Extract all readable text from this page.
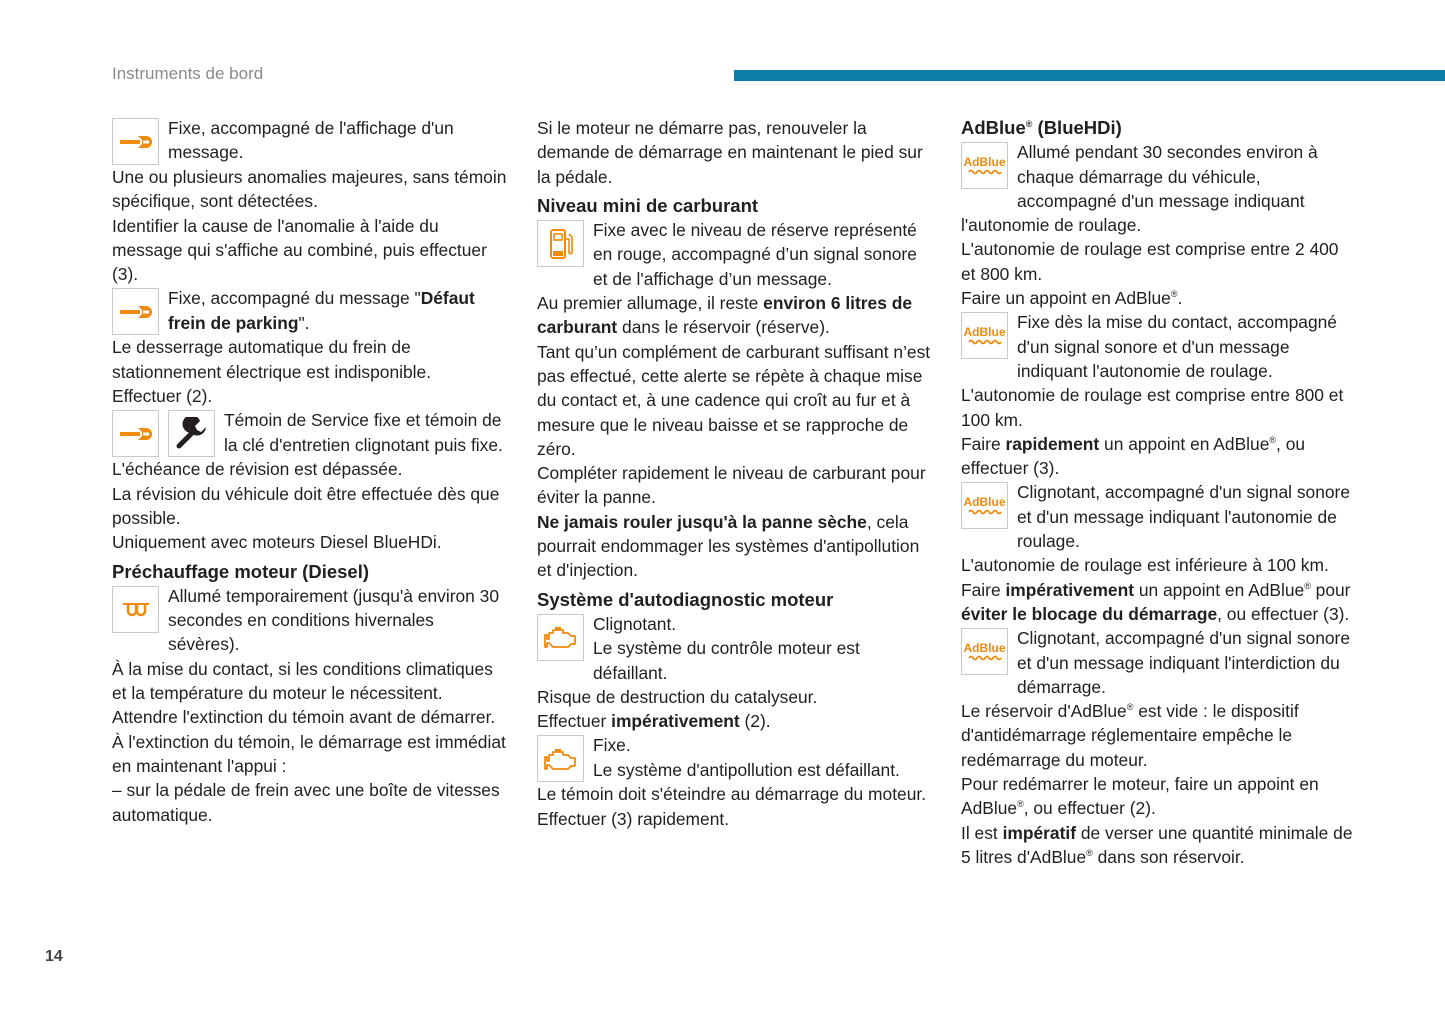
Instruments de bord

Fixe, accompagné de l'affichage d'un message.

Une ou plusieurs anomalies majeures, sans témoin spécifique, sont détectées.

Identifier la cause de l'anomalie à l'aide du message qui s'affiche au combiné, puis effectuer (3).

Fixe, accompagné du message "Défaut frein de parking".

Le desserrage automatique du frein de stationnement électrique est indisponible.

Effectuer (2).

Témoin de Service fixe et témoin de la clé d'entretien clignotant puis fixe.

L'échéance de révision est dépassée.

La révision du véhicule doit être effectuée dès que possible.

Uniquement avec moteurs Diesel BlueHDi.

Préchauffage moteur (Diesel)

Allumé temporairement (jusqu'à environ 30 secondes en conditions hivernales sévères).

À la mise du contact, si les conditions climatiques et la température du moteur le nécessitent.

Attendre l'extinction du témoin avant de démarrer.

À l'extinction du témoin, le démarrage est immédiat en maintenant l'appui :

– sur la pédale de frein avec une boîte de vitesses automatique.

Si le moteur ne démarre pas, renouveler la demande de démarrage en maintenant le pied sur la pédale.

Niveau mini de carburant

Fixe avec le niveau de réserve représenté en rouge, accompagné d’un signal sonore et de l'affichage d’un message.

Au premier allumage, il reste environ 6 litres de carburant dans le réservoir (réserve).

Tant qu’un complément de carburant suffisant n’est pas effectué, cette alerte se répète à chaque mise du contact et, à une cadence qui croît au fur et à mesure que le niveau baisse et se rapproche de zéro.

Compléter rapidement le niveau de carburant pour éviter la panne.

Ne jamais rouler jusqu'à la panne sèche, cela pourrait endommager les systèmes d'antipollution et d'injection.

Système d'autodiagnostic moteur

Clignotant.
Le système du contrôle moteur est défaillant.

Risque de destruction du catalyseur.

Effectuer impérativement (2).

Fixe.
Le système d'antipollution est défaillant.

Le témoin doit s'éteindre au démarrage du moteur.

Effectuer (3) rapidement.

AdBlue® (BlueHDi)
AdBlue Allumé pendant 30 secondes environ à chaque démarrage du véhicule, accompagné d'un message indiquant l'autonomie de roulage.

L'autonomie de roulage est comprise entre 2 400 et 800 km.

Faire un appoint en AdBlue®.

AdBlue Fixe dès la mise du contact, accompagné d'un signal sonore et d'un message indiquant l'autonomie de roulage.

L'autonomie de roulage est comprise entre 800 et 100 km.

Faire rapidement un appoint en AdBlue®, ou effectuer (3).

AdBlue Clignotant, accompagné d'un signal sonore et d'un message indiquant l'autonomie de roulage.

L'autonomie de roulage est inférieure à 100 km.

Faire impérativement un appoint en AdBlue® pour éviter le blocage du démarrage, ou effectuer (3).

AdBlue Clignotant, accompagné d'un signal sonore et d'un message indiquant l'interdiction du démarrage.

Le réservoir d'AdBlue® est vide : le dispositif d'antidémarrage réglementaire empêche le redémarrage du moteur.

Pour redémarrer le moteur, faire un appoint en AdBlue®, ou effectuer (2).

Il est impératif de verser une quantité minimale de 5 litres d'AdBlue® dans son réservoir.

14
